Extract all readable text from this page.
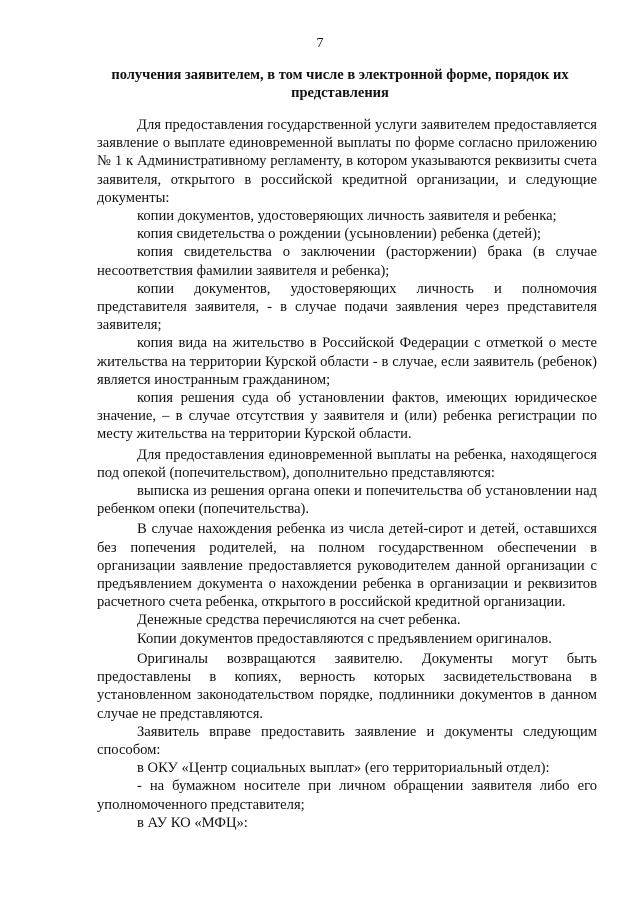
7
получения заявителем, в том числе в электронной форме, порядок их
представления

Для предоставления государственной услуги заявителем предоставляется заявление о выплате единовременной выплаты по форме согласно приложению № 1 к Административному регламенту, в котором указываются реквизиты счета заявителя, открытого в российской кредитной организации, и следующие документы:

копии документов, удостоверяющих личность заявителя и ребенка;

копия свидетельства о рождении (усыновлении) ребенка (детей);

копия свидетельства о заключении (расторжении) брака (в случае несоответствия фамилии заявителя и ребенка);

копии документов, удостоверяющих личность и полномочия представителя заявителя, - в случае подачи заявления через представителя заявителя;

копия вида на жительство в Российской Федерации с отметкой о месте жительства на территории Курской области - в случае, если заявитель (ребенок) является иностранным гражданином;

копия решения суда об установлении фактов, имеющих юридическое значение, – в случае отсутствия у заявителя и (или) ребенка регистрации по месту жительства на территории Курской области.

Для предоставления единовременной выплаты на ребенка, находящегося под опекой (попечительством), дополнительно представляются:

выписка из решения органа опеки и попечительства об установлении над ребенком опеки (попечительства).

В случае нахождения ребенка из числа детей-сирот и детей, оставшихся без попечения родителей, на полном государственном обеспечении в организации заявление предоставляется руководителем данной организации с предъявлением документа о нахождении ребенка в организации и реквизитов расчетного счета ребенка, открытого в российской кредитной организации.

Денежные средства перечисляются на счет ребенка.

Копии документов предоставляются с предъявлением оригиналов.

Оригиналы возвращаются заявителю. Документы могут быть предоставлены в копиях, верность которых засвидетельствована в установленном законодательством порядке, подлинники документов в данном случае не представляются.

Заявитель вправе предоставить заявление и документы следующим способом:

в ОКУ «Центр социальных выплат» (его территориальный отдел):

- на бумажном носителе при личном обращении заявителя либо его уполномоченного представителя;

в АУ КО «МФЦ»:
